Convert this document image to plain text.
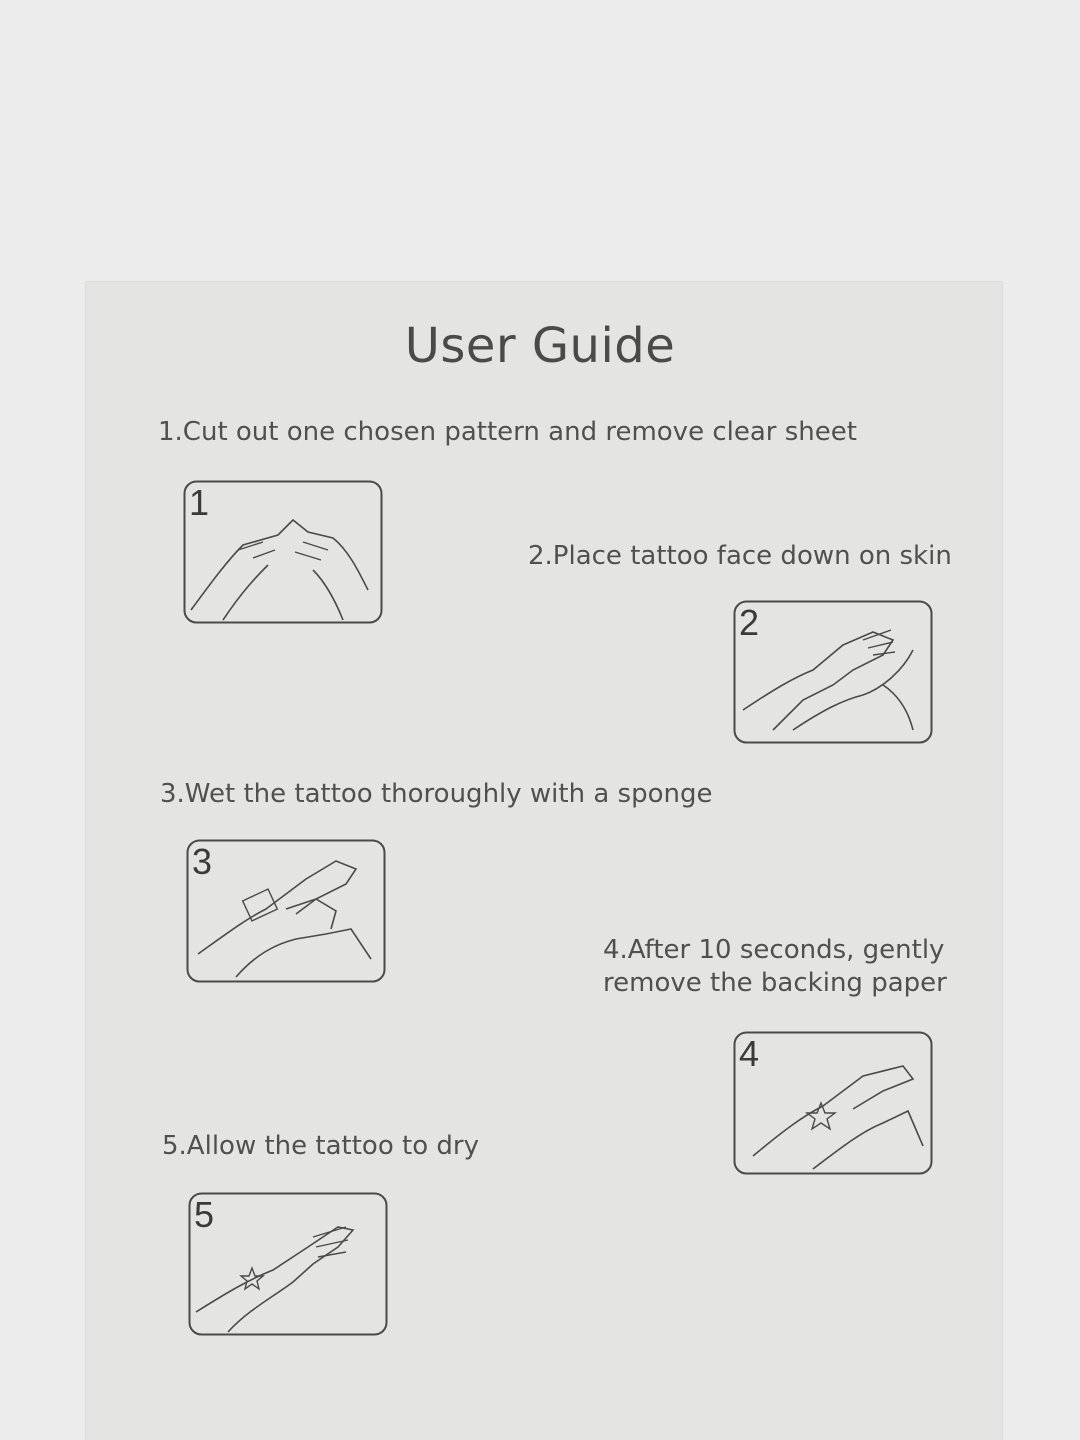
User Guide
1.Cut out one chosen pattern and remove clear sheet
1
2.Place tattoo face down on skin
2
3.Wet the tattoo thoroughly with a sponge
3
4.After 10 seconds, gently
remove the backing paper
4
5.Allow the tattoo to dry
5
